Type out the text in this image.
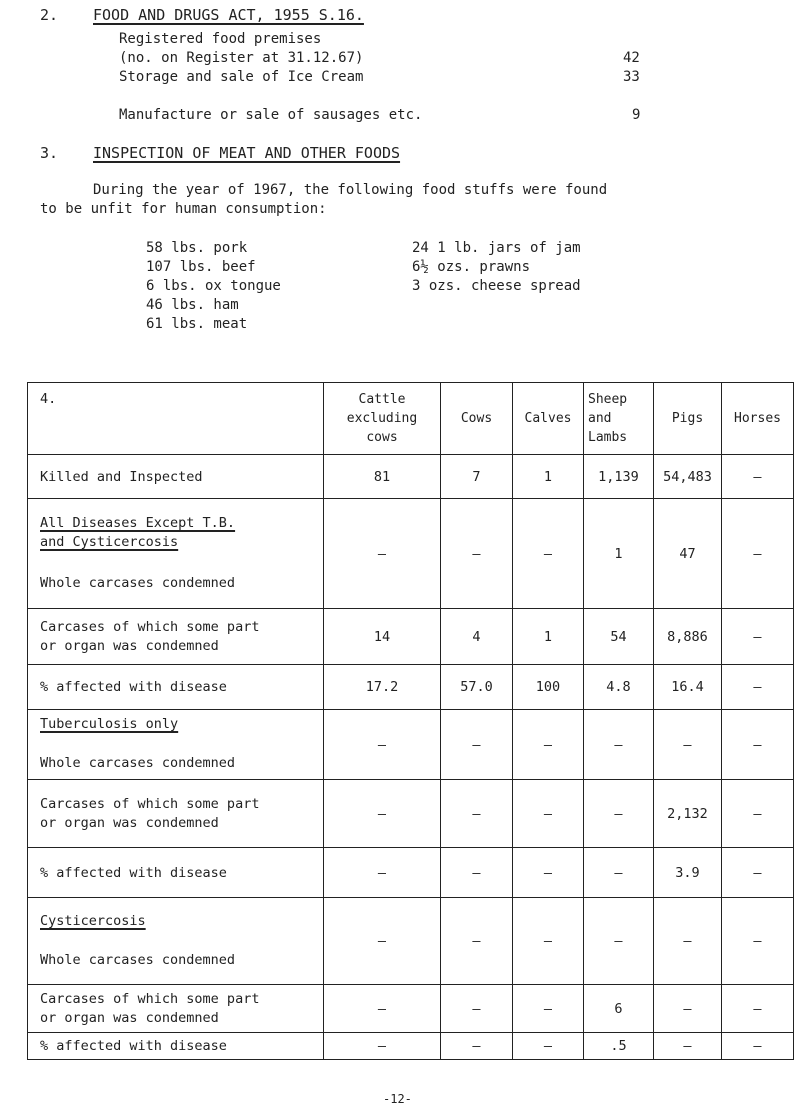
2. FOOD AND DRUGS ACT, 1955 S.16.
Registered food premises
(no. on Register at 31.12.67)	42
Storage and sale of Ice Cream	33
Manufacture or sale of sausages etc.	9
3. INSPECTION OF MEAT AND OTHER FOODS
During the year of 1967, the following food stuffs were found
to be unfit for human consumption:
58 lbs. pork
107 lbs. beef
6 lbs. ox tongue
46 lbs. ham
61 lbs. meat
24 1 lb. jars of jam
6½ ozs. prawns
3 ozs. cheese spread
4.	Cattle
excluding
cows	Cows	Calves	Sheep
and
Lambs	Pigs	Horses

Killed and Inspected	81	7	1	1,139	54,483	–

All Diseases Except T.B.
and Cysticercosis
Whole carcases condemned	–	–	–	1	47	–

Carcases of which some part
or organ was condemned	14	4	1	54	8,886	–
% affected with disease	17.2	57.0	100	4.8	16.4	–

Tuberculosis only
Whole carcases condemned	–	–	–	–	–	–

Carcases of which some part
or organ was condemned	–	–	–	–	2,132	–
% affected with disease	–	–	–	–	3.9	–

Cysticercosis
Whole carcases condemned	–	–	–	–	–	–

Carcases of which some part
or organ was condemned	–	–	–	6	–	–
% affected with disease	–	–	–	.5	–	–
-12-
